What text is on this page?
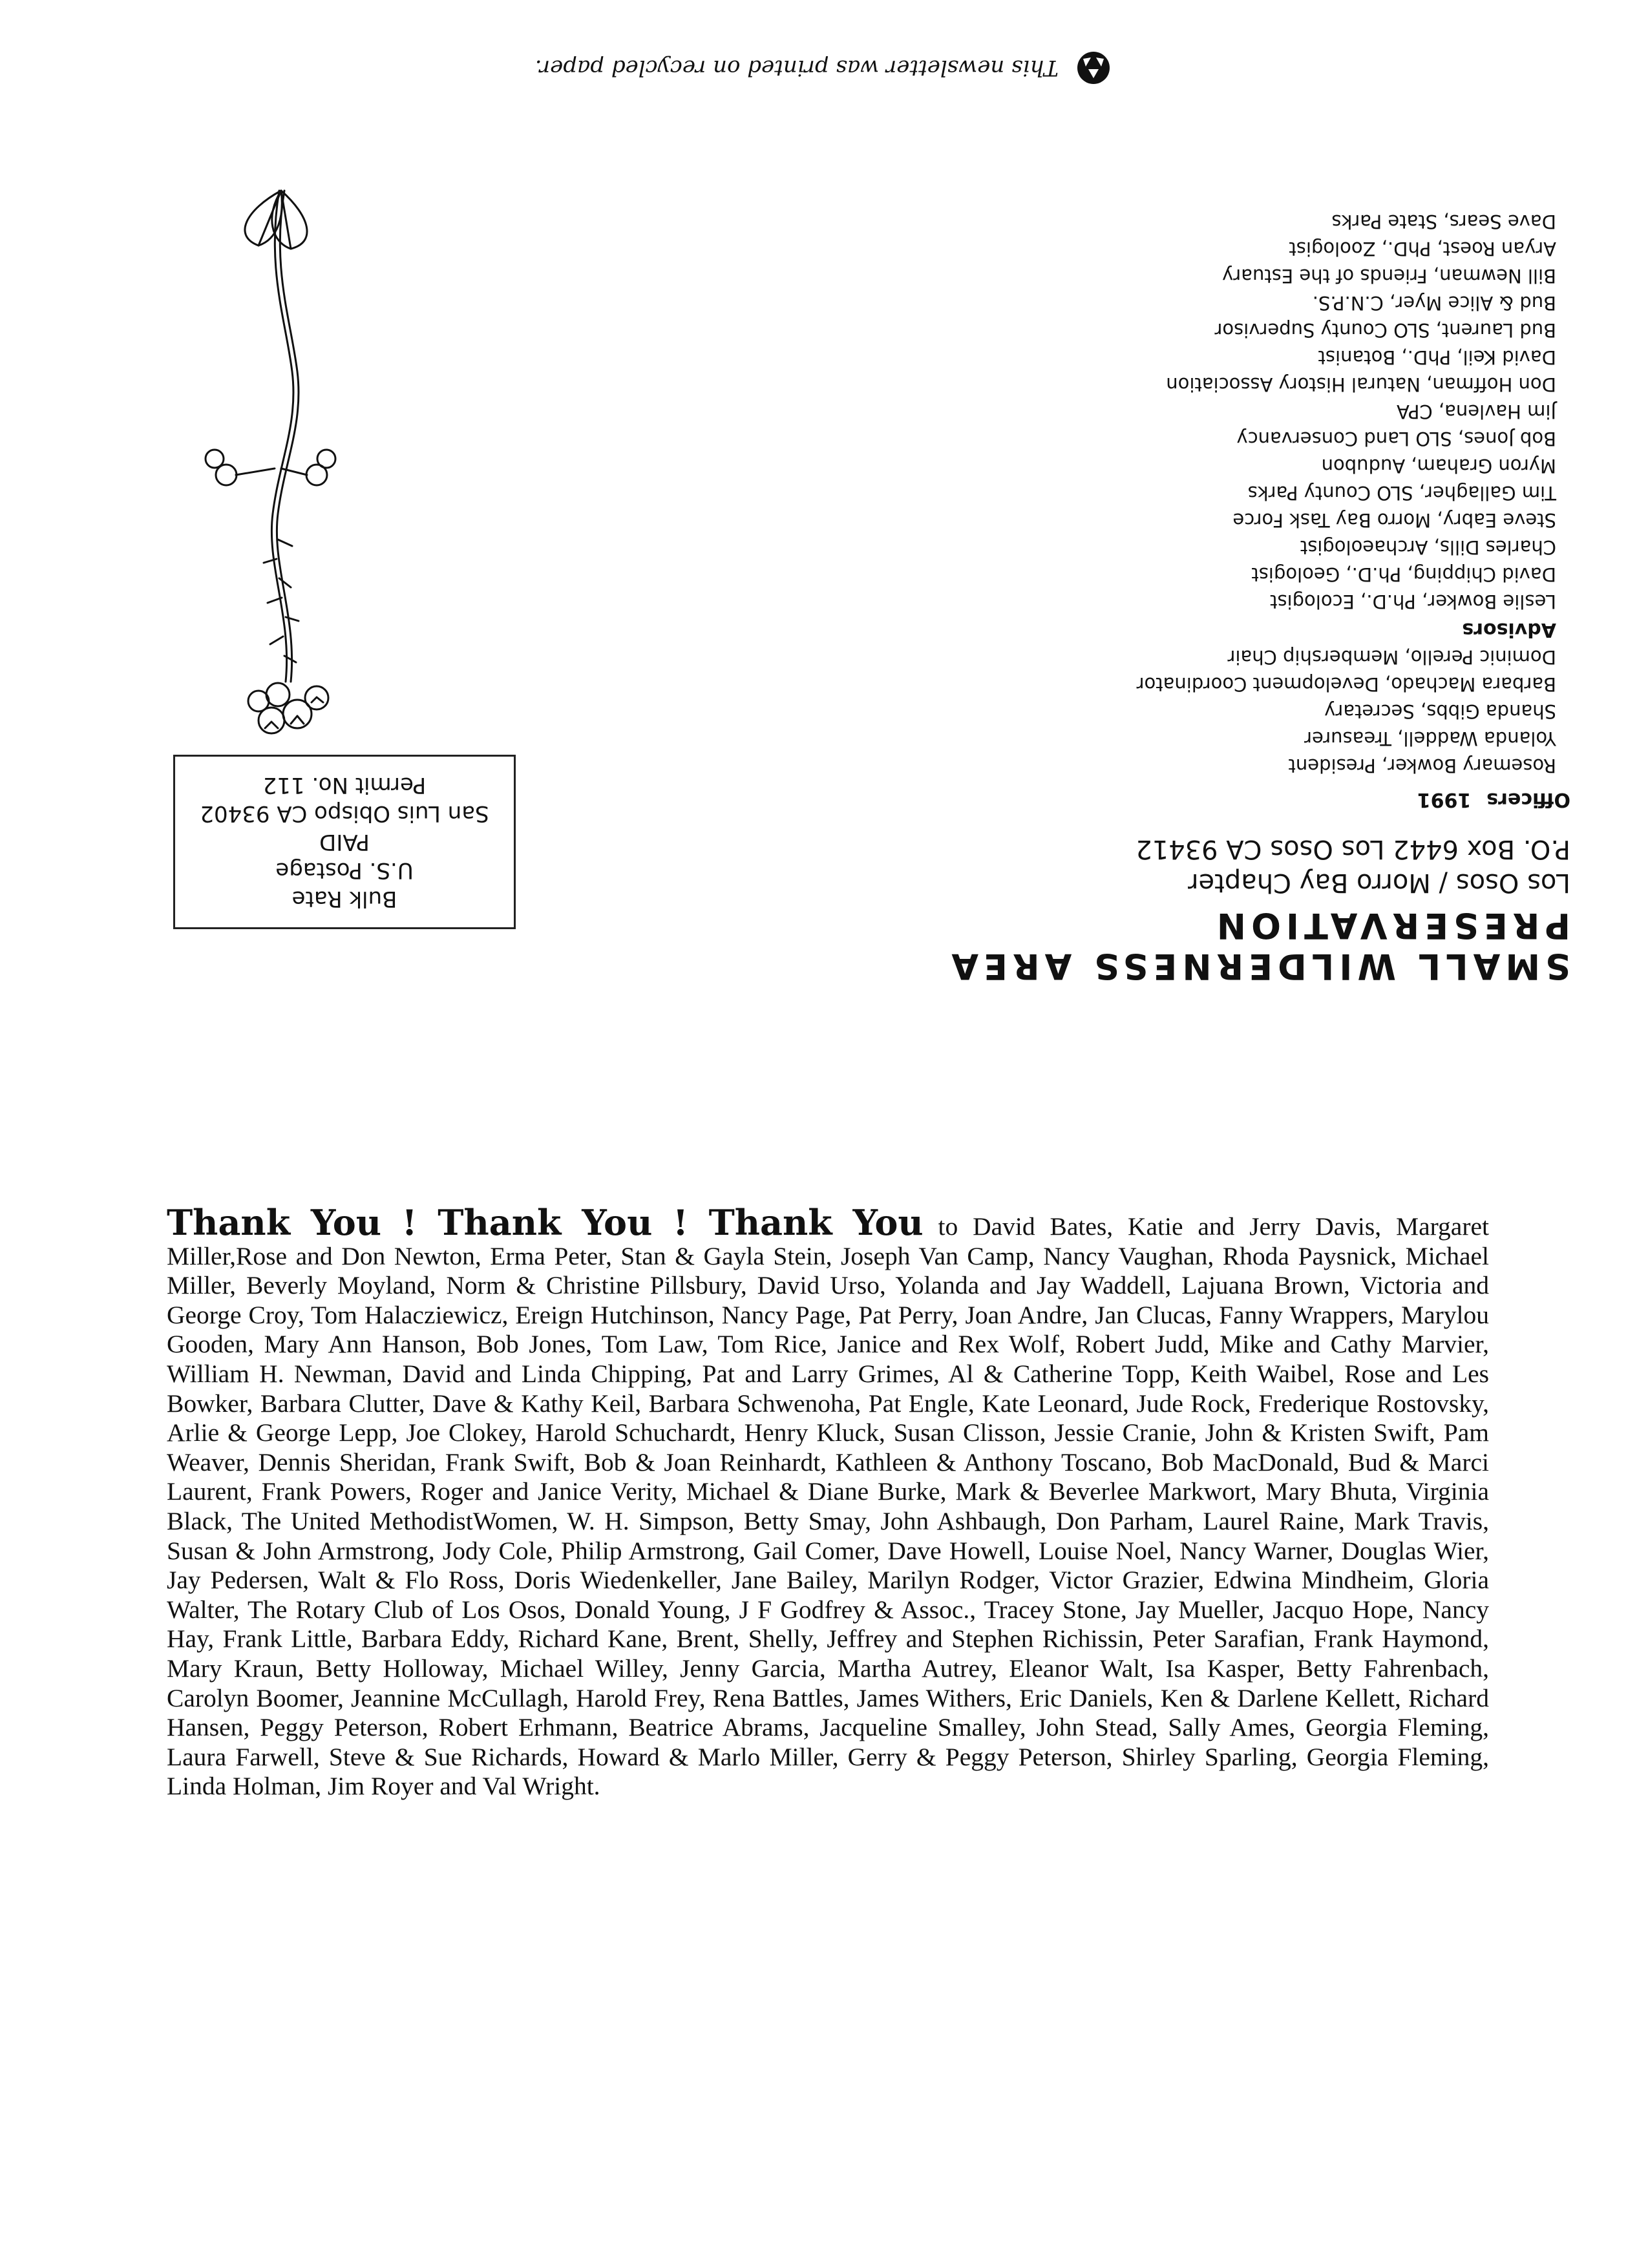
This newsletter was printed on recycled paper.
SMALL WILDERNESS AREA PRESERVATION
Los Osos / Morro Bay Chapter
P.O. Box 6442 Los Osos CA 93412
Officers1991
Rosemary Bowker, President
Yolanda Waddell, Treasurer
Shanda Gibbs, Secretary
Barbara Machado, Development Coordinator
Dominic Perello, Membership Chair
Advisors
Leslie Bowker, Ph.D., Ecologist
David Chipping, Ph.D., Geologist
Charles Dills, Archaeologist
Steve Eabry, Morro Bay Task Force
Tim Gallagher, SLO County Parks
Myron Graham, Audubon
Bob Jones, SLO Land Conservancy
Jim Havlena, CPA
Don Hoffman, Natural History Association
David Keil, PhD., Botanist
Bud Laurent, SLO County Supervisor
Bud & Alice Myer, C.N.P.S.
Bill Newman, Friends of the Estuary
Aryan Roest, PhD., Zoologist
Dave Sears, State Parks
Bulk Rate
U.S. Postage
PAID
San Luis Obispo CA 93402
Permit No. 112

Thank You ! Thank You ! Thank You to David Bates, Katie and Jerry Davis, Margaret Miller,Rose and Don Newton, Erma Peter, Stan & Gayla Stein, Joseph Van Camp, Nancy Vaughan, Rhoda Paysnick, Michael Miller, Beverly Moyland, Norm & Christine Pillsbury, David Urso, Yolanda and Jay Waddell, Lajuana Brown, Victoria and George Croy, Tom Halacziewicz, Ereign Hutchinson, Nancy Page, Pat Perry, Joan Andre, Jan Clucas, Fanny Wrappers, Marylou Gooden, Mary Ann Hanson, Bob Jones, Tom Law, Tom Rice, Janice and Rex Wolf, Robert Judd, Mike and Cathy Marvier, William H. Newman, David and Linda Chipping, Pat and Larry Grimes, Al & Catherine Topp, Keith Waibel, Rose and Les Bowker, Barbara Clutter, Dave & Kathy Keil, Barbara Schwenoha, Pat Engle, Kate Leonard, Jude Rock, Frederique Rostovsky, Arlie & George Lepp, Joe Clokey, Harold Schuchardt, Henry Kluck, Susan Clisson, Jessie Cranie, John & Kristen Swift, Pam Weaver, Dennis Sheridan, Frank Swift, Bob & Joan Reinhardt, Kathleen & Anthony Toscano, Bob MacDonald, Bud & Marci Laurent, Frank Powers, Roger and Janice Verity, Michael & Diane Burke, Mark & Beverlee Markwort, Mary Bhuta, Virginia Black, The United MethodistWomen, W. H. Simpson, Betty Smay, John Ashbaugh, Don Parham, Laurel Raine, Mark Travis, Susan & John Armstrong, Jody Cole, Philip Armstrong, Gail Comer, Dave Howell, Louise Noel, Nancy Warner, Douglas Wier, Jay Pedersen, Walt & Flo Ross, Doris Wiedenkeller, Jane Bailey, Marilyn Rodger, Victor Grazier, Edwina Mindheim, Gloria Walter, The Rotary Club of Los Osos, Donald Young, J F Godfrey & Assoc., Tracey Stone, Jay Mueller, Jacquo Hope, Nancy Hay, Frank Little, Barbara Eddy, Richard Kane, Brent, Shelly, Jeffrey and Stephen Richissin, Peter Sarafian, Frank Haymond, Mary Kraun, Betty Holloway, Michael Willey, Jenny Garcia, Martha Autrey, Eleanor Walt, Isa Kasper, Betty Fahrenbach, Carolyn Boomer, Jeannine McCullagh, Harold Frey, Rena Battles, James Withers, Eric Daniels, Ken & Darlene Kellett, Richard Hansen, Peggy Peterson, Robert Erhmann, Beatrice Abrams, Jacqueline Smalley, John Stead, Sally Ames, Georgia Fleming, Laura Farwell, Steve & Sue Richards, Howard & Marlo Miller, Gerry & Peggy Peterson, Shirley Sparling, Georgia Fleming, Linda Holman, Jim Royer and Val Wright.
